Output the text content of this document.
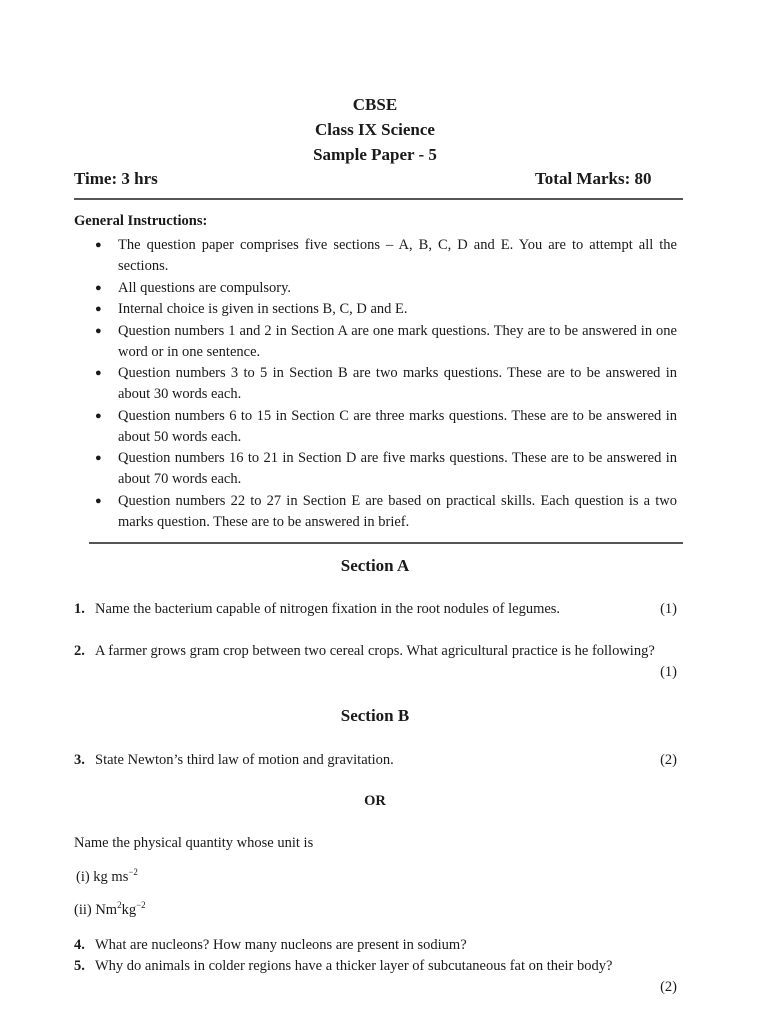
CBSE
Class IX Science
Sample Paper - 5
Time: 3 hrs	Total Marks: 80
General Instructions:
● The question paper comprises five sections – A, B, C, D and E. You are to attempt all the sections.
● All questions are compulsory.
● Internal choice is given in sections B, C, D and E.
● Question numbers 1 and 2 in Section A are one mark questions. They are to be answered in one word or in one sentence.
● Question numbers 3 to 5 in Section B are two marks questions. These are to be answered in about 30 words each.
● Question numbers 6 to 15 in Section C are three marks questions. These are to be answered in about 50 words each.
● Question numbers 16 to 21 in Section D are five marks questions. These are to be answered in about 70 words each.
● Question numbers 22 to 27 in Section E are based on practical skills. Each question is a two marks question. These are to be answered in brief.
Section A
1. Name the bacterium capable of nitrogen fixation in the root nodules of legumes.	(1)
2. A farmer grows gram crop between two cereal crops. What agricultural practice is he following?
(1)
Section B
3. State Newton’s third law of motion and gravitation.	(2)
OR
Name the physical quantity whose unit is
(i) kg $ms^{-2}$
(ii) $Nm^2kg^{-2}$
4. What are nucleons? How many nucleons are present in sodium?
5. Why do animals in colder regions have a thicker layer of subcutaneous fat on their body?
(2)
